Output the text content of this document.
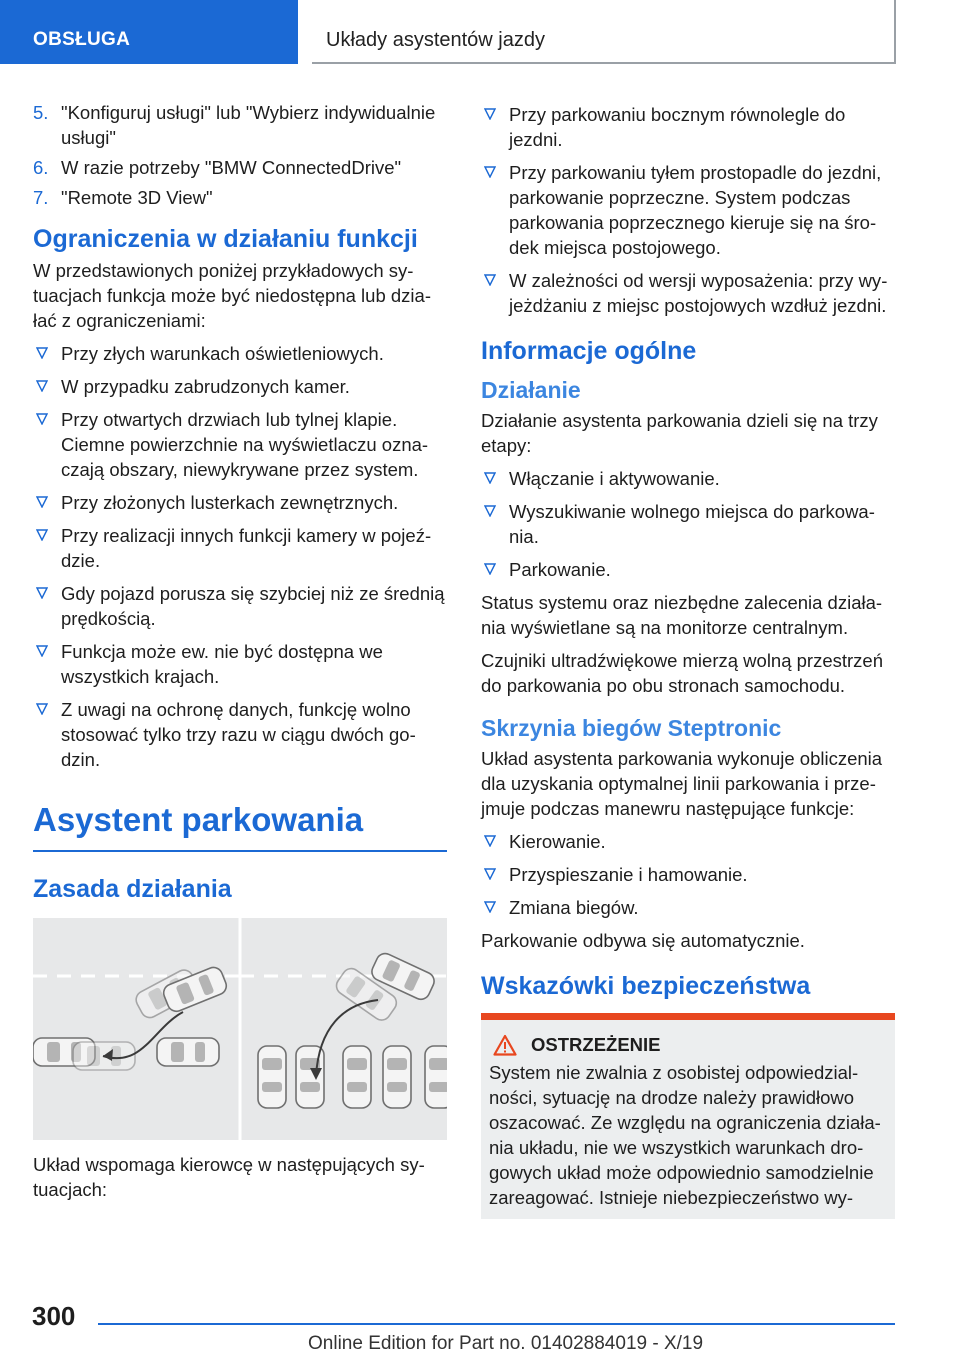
OBSŁUGA	Układy asystentów jazdy
5. "Konfiguruj usługi" lub "Wybierz indywidualnie usługi"
6. W razie potrzeby "BMW ConnectedDrive"
7. "Remote 3D View"
Ograniczenia w działaniu funkcji

W przedstawionych poniżej przykładowych sytuacjach funkcja może być niedostępna lub działać z ograniczeniami:

Przy złych warunkach oświetleniowych.
W przypadku zabrudzonych kamer.
Przy otwartych drzwiach lub tylnej klapie. Ciemne powierzchnie na wyświetlaczu oznaczają obszary, niewykrywane przez system.
Przy złożonych lusterkach zewnętrznych.
Przy realizacji innych funkcji kamery w pojeździe.
Gdy pojazd porusza się szybciej niż ze średnią prędkością.
Funkcja może ew. nie być dostępna we wszystkich krajach.
Z uwagi na ochronę danych, funkcję wolno stosować tylko trzy razu w ciągu dwóch godzin.
Asystent parkowania
Zasada działania

Układ wspomaga kierowcę w następujących sytuacjach:

Przy parkowaniu bocznym równolegle do jezdni.
Przy parkowaniu tyłem prostopadle do jezdni, parkowanie poprzeczne. System podczas parkowania poprzecznego kieruje się na środek miejsca postojowego.
W zależności od wersji wyposażenia: przy wyjeżdżaniu z miejsc postojowych wzdłuż jezdni.
Informacje ogólne
Działanie

Działanie asystenta parkowania dzieli się na trzy etapy:

Włączanie i aktywowanie.
Wyszukiwanie wolnego miejsca do parkowania.
Parkowanie.

Status systemu oraz niezbędne zalecenia działania wyświetlane są na monitorze centralnym.

Czujniki ultradźwiękowe mierzą wolną przestrzeń do parkowania po obu stronach samochodu.

Skrzynia biegów Steptronic

Układ asystenta parkowania wykonuje obliczenia dla uzyskania optymalnej linii parkowania i przejmuje podczas manewru następujące funkcje:

Kierowanie.
Przyspieszanie i hamowanie.
Zmiana biegów.

Parkowanie odbywa się automatycznie.

Wskazówki bezpieczeństwa
OSTRZEŻENIE

System nie zwalnia z osobistej odpowiedzialności, sytuację na drodze należy prawidłowo oszacować. Ze względu na ograniczenia działania układu, nie we wszystkich warunkach drogowych układ może odpowiednio samodzielnie zareagować. Istnieje niebezpieczeństwo wy-

300
Online Edition for Part no. 01402884019 - X/19
